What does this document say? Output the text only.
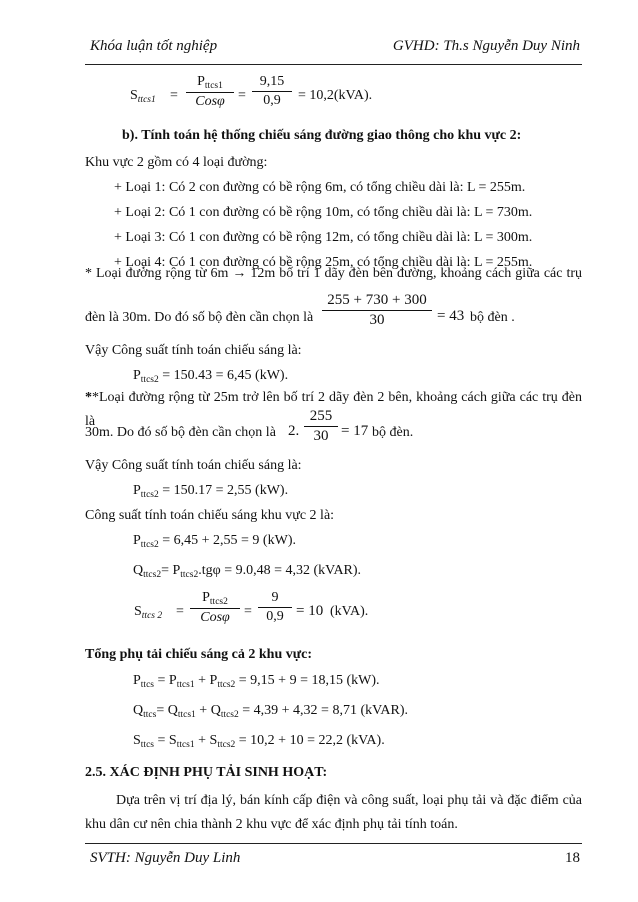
Khóa luận tốt nghiệp	GVHD: Th.s Nguyễn Duy Ninh
$S_{ttcs1}$ =
$P_{ttcs1}$
Cosφ =
9,15
0,9	= 10,2(kVA).
b). Tính toán hệ thống chiếu sáng đường giao thông cho khu vực 2:
Khu vực 2 gồm có 4 loại đường:
+ Loại 1: Có 2 con đường có bề rộng 6m, có tổng chiều dài là: L = 255m.
+ Loại 2: Có 1 con đường có bề rộng 10m, có tổng chiều dài là: L = 730m.
+ Loại 3: Có 1 con đường có bề rộng 12m, có tổng chiều dài là: L = 300m.
+ Loại 4: Có 1 con đường có bề rộng 25m, có tổng chiều dài là: L = 255m.
* Loại đường rộng từ 6m → 12m bố trí 1 dãy đèn bên đường, khoảng cách giữa các trụ
đèn là 30m. Do đó số bộ đèn cần chọn là
255 + 730 + 300
30	= 43 bộ đèn .
Vậy Công suất tính toán chiếu sáng là:
$P_{ttcs2} = 150.43 = 6,45$ (kW).
**Loại đường rộng từ 25m trở lên bố trí 2 dãy đèn 2 bên, khoảng cách giữa các trụ đèn là
30m. Do đó số bộ đèn cần chọn là 2.
255
30 = 17 bộ đèn.
Vậy Công suất tính toán chiếu sáng là:
$P_{ttcs2} = 150.17 = 2,55$ (kW).
Công suất tính toán chiếu sáng khu vực 2 là:
$P_{ttcs2} = 6,45 + 2,55 = 9$ (kW).
$Q_{ttcs2}= P_{ttcs2}.tg\varphi = 9.0,48 = 4,32$ (kVAR).
$S_{ttcs 2}$ =
$P_{ttcs2}$
Cosφ	=
9
0,9 = 10 (kVA).
Tổng phụ tải chiếu sáng cả 2 khu vực:
$P_{ttcs} = P_{ttcs1} + P_{ttcs2} = 9,15 + 9 = 18,15$ (kW).
$Q_{ttcs}= Q_{ttcs1} + Q_{ttcs2} = 4,39 + 4,32 = 8,71$ (kVAR).
$S_{ttcs} = S_{ttcs1} + S_{ttcs2} = 10,2 + 10 = 22,2$ (kVA).
2.5. XÁC ĐỊNH PHỤ TẢI SINH HOẠT:
Dựa trên vị trí địa lý, bán kính cấp điện và công suất, loại phụ tải và đặc điểm của khu dân cư nên chia thành 2 khu vực để xác định phụ tải tính toán.
SVTH: Nguyễn Duy Linh	18
